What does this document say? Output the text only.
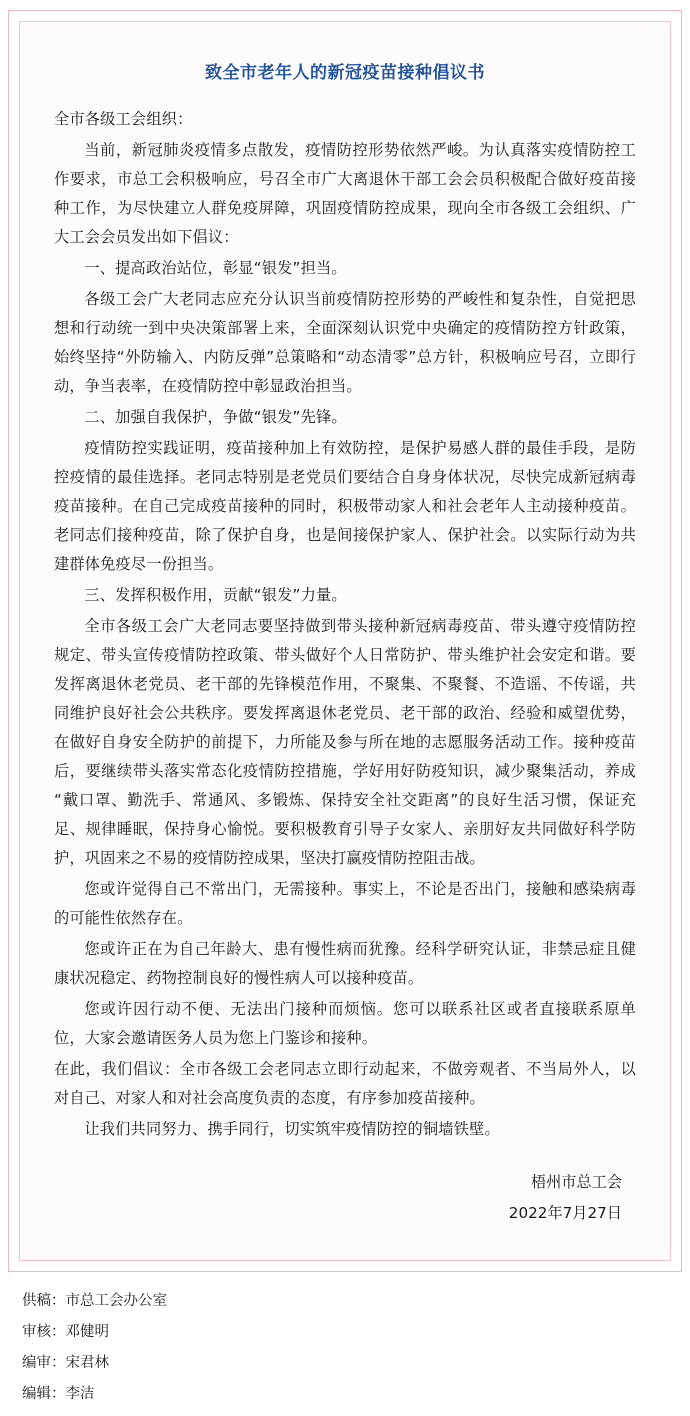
致全市老年人的新冠疫苗接种倡议书

全市各级工会组织：

当前，新冠肺炎疫情多点散发，疫情防控形势依然严峻。为认真落实疫情防控工作要求，市总工会积极响应，号召全市广大离退休干部工会会员积极配合做好疫苗接种工作，为尽快建立人群免疫屏障，巩固疫情防控成果，现向全市各级工会组织、广大工会会员发出如下倡议：

一、提高政治站位，彰显“银发”担当。

各级工会广大老同志应充分认识当前疫情防控形势的严峻性和复杂性，自觉把思想和行动统一到中央决策部署上来，全面深刻认识党中央确定的疫情防控方针政策，始终坚持“外防输入、内防反弹”总策略和“动态清零”总方针，积极响应号召，立即行动，争当表率，在疫情防控中彰显政治担当。

二、加强自我保护，争做“银发”先锋。

疫情防控实践证明，疫苗接种加上有效防控，是保护易感人群的最佳手段，是防控疫情的最佳选择。老同志特别是老党员们要结合自身身体状况，尽快完成新冠病毒疫苗接种。在自己完成疫苗接种的同时，积极带动家人和社会老年人主动接种疫苗。老同志们接种疫苗，除了保护自身，也是间接保护家人、保护社会。以实际行动为共建群体免疫尽一份担当。

三、发挥积极作用，贡献“银发”力量。

全市各级工会广大老同志要坚持做到带头接种新冠病毒疫苗、带头遵守疫情防控规定、带头宣传疫情防控政策、带头做好个人日常防护、带头维护社会安定和谐。要发挥离退休老党员、老干部的先锋模范作用，不聚集、不聚餐、不造谣、不传谣，共同维护良好社会公共秩序。要发挥离退休老党员、老干部的政治、经验和威望优势，在做好自身安全防护的前提下，力所能及参与所在地的志愿服务活动工作。接种疫苗后，要继续带头落实常态化疫情防控措施，学好用好防疫知识，减少聚集活动，养成“戴口罩、勤洗手、常通风、多锻炼、保持安全社交距离”的良好生活习惯，保证充足、规律睡眠，保持身心愉悦。要积极教育引导子女家人、亲朋好友共同做好科学防护，巩固来之不易的疫情防控成果，坚决打赢疫情防控阻击战。

您或许觉得自己不常出门，无需接种。事实上，不论是否出门，接触和感染病毒的可能性依然存在。

您或许正在为自己年龄大、患有慢性病而犹豫。经科学研究认证，非禁忌症且健康状况稳定、药物控制良好的慢性病人可以接种疫苗。

您或许因行动不便、无法出门接种而烦恼。您可以联系社区或者直接联系原单位，大家会邀请医务人员为您上门鉴诊和接种。

在此，我们倡议：全市各级工会老同志立即行动起来，不做旁观者、不当局外人，以对自己、对家人和对社会高度负责的态度，有序参加疫苗接种。

让我们共同努力、携手同行，切实筑牢疫情防控的铜墙铁壁。

梧州市总工会

2022年7月27日

供稿：市总工会办公室
审核：邓健明
编审：宋君林
编辑：李洁
